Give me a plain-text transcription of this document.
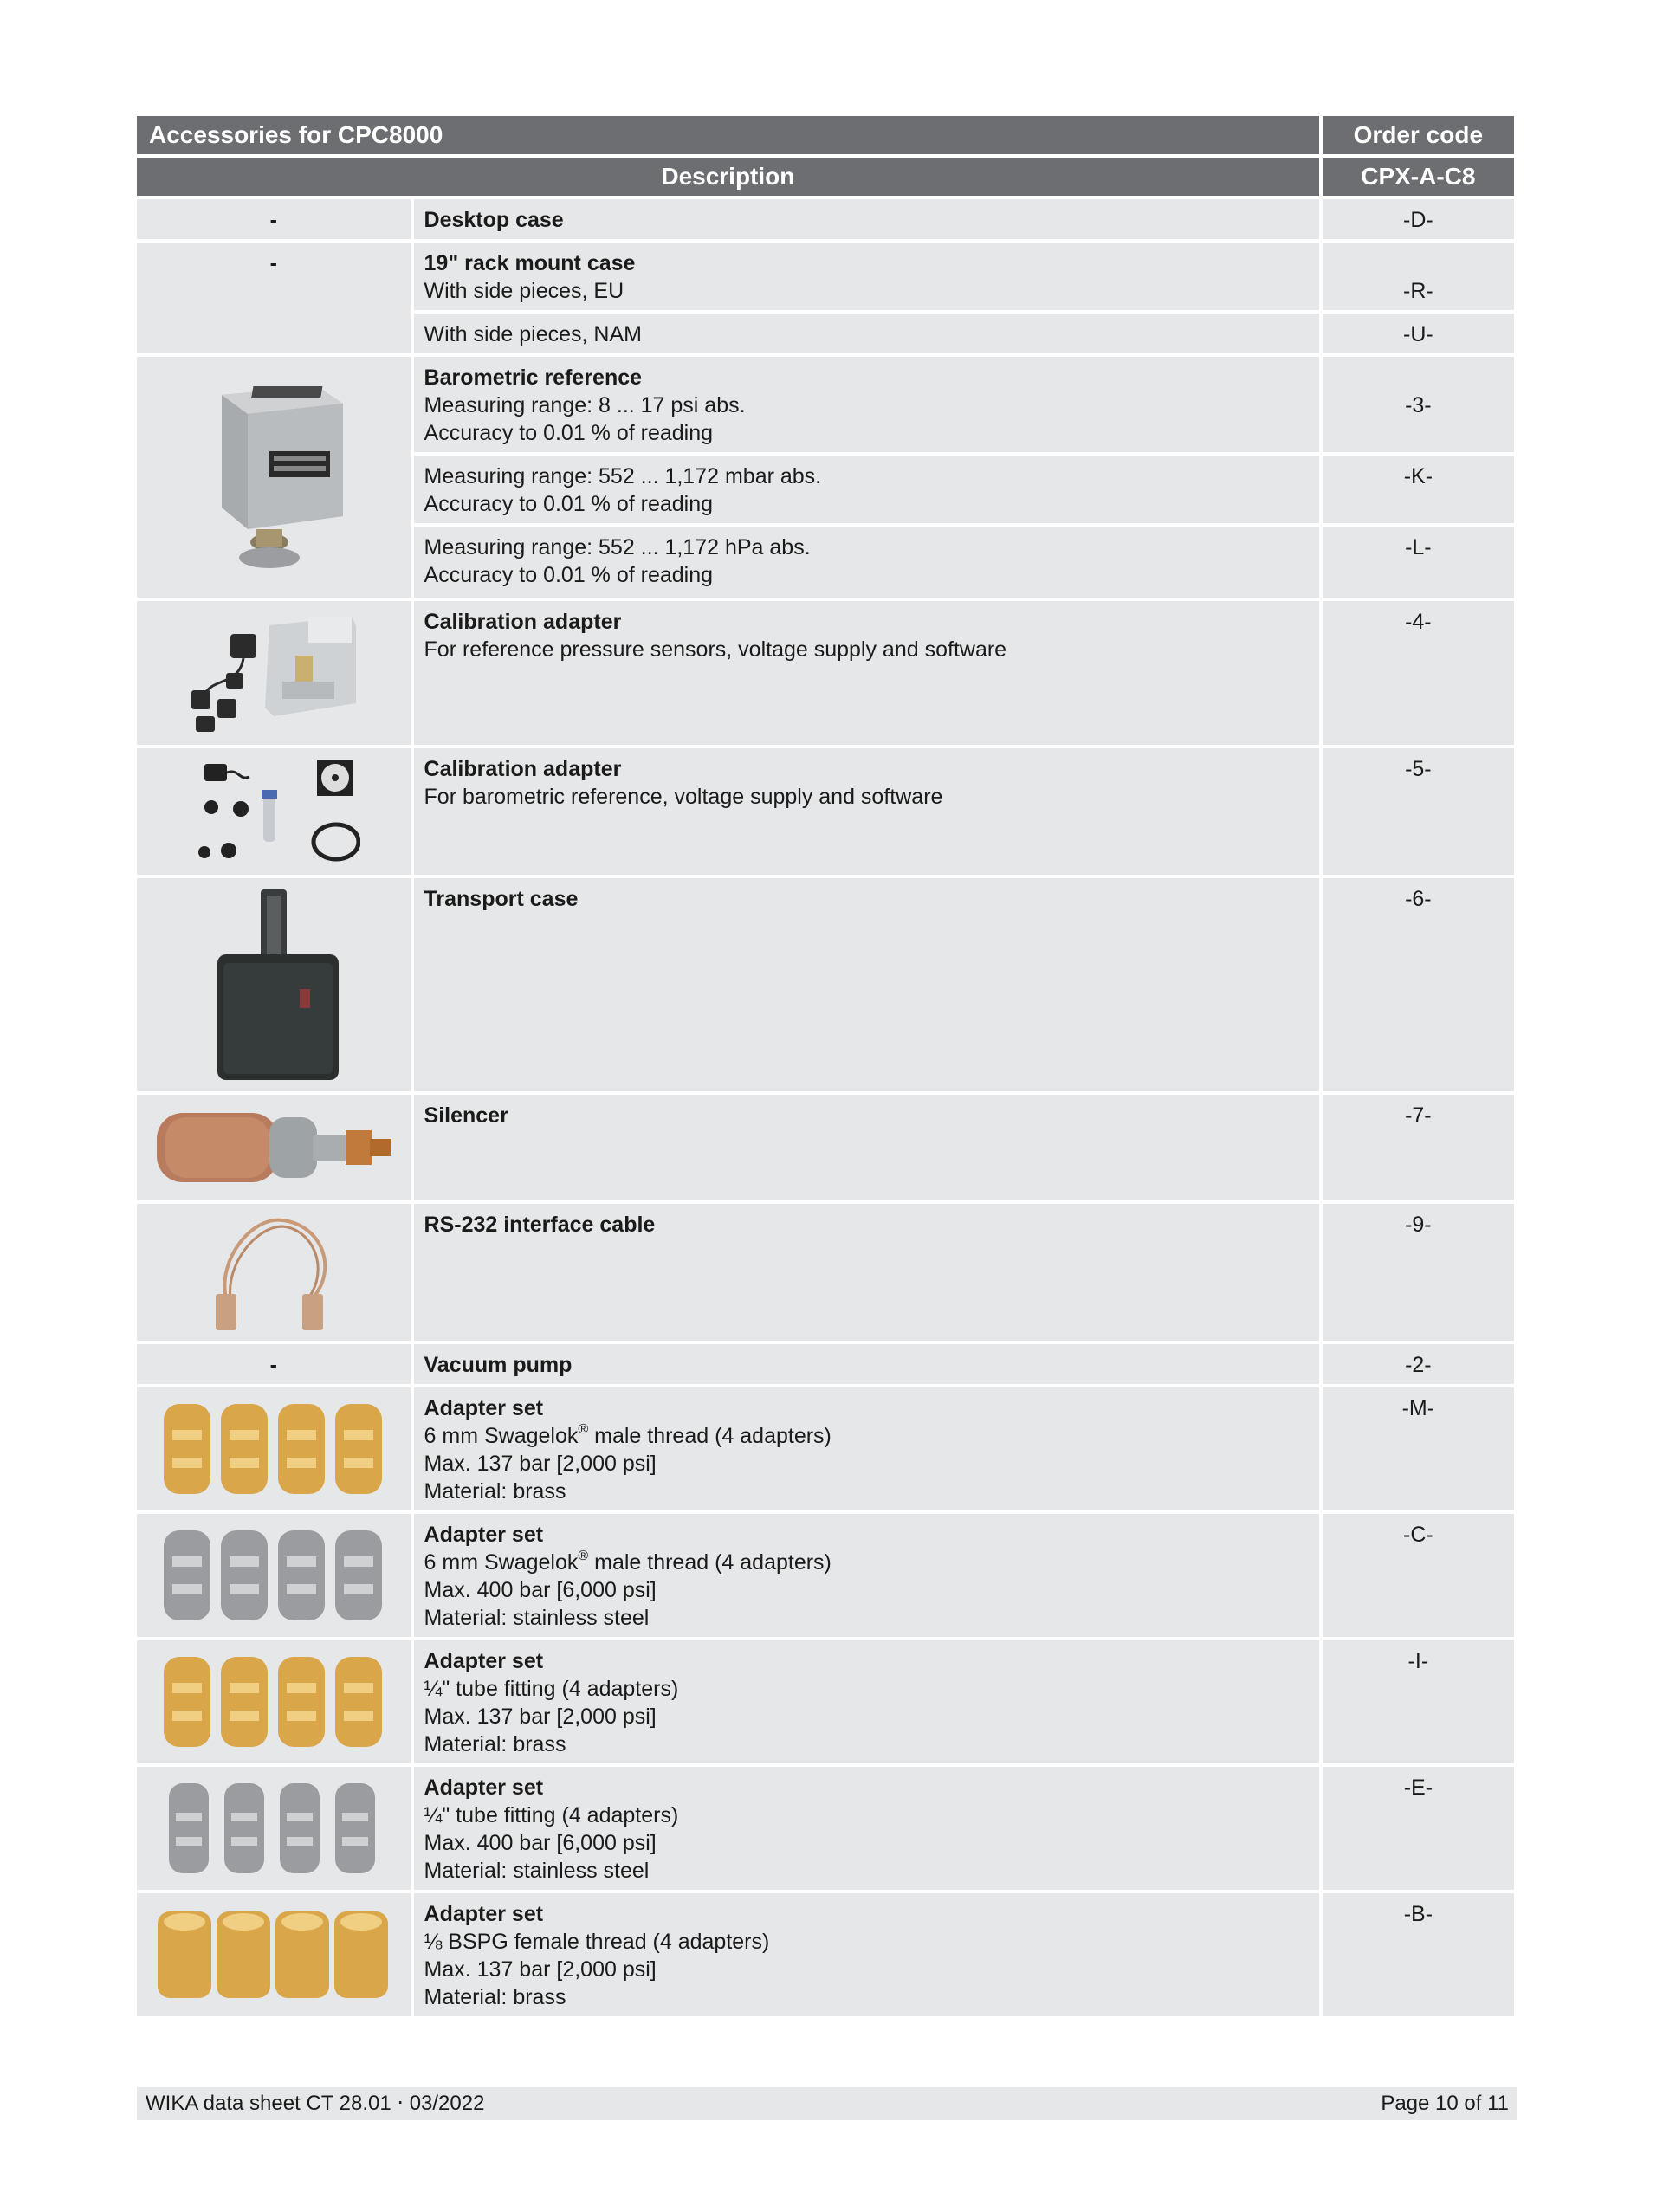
Accessories for CPC8000		Order code
Description		CPX-A-C8
-	Desktop case	-D-
-	19" rack mount case
With side pieces, EU	-R-

	With side pieces, NAM	-U-

Barometric reference
Measuring range: 8 ... 17 psi abs.
Accuracy to 0.01 % of reading	-3-

	Measuring range: 552 ... 1,172 mbar abs.
Accuracy to 0.01 % of reading	-K-

	Measuring range: 552 ... 1,172 hPa abs.
Accuracy to 0.01 % of reading	-L-

Calibration adapter
For reference pressure sensors, voltage supply and software	-4-

Calibration adapter
For barometric reference, voltage supply and software	-5-

Transport case	-6-

Silencer	-7-

RS-232 interface cable	-9-
-	Vacuum pump	-2-

Adapter set
6 mm Swagelok® male thread (4 adapters)
Max. 137 bar [2,000 psi]
Material: brass	-M-

Adapter set
6 mm Swagelok® male thread (4 adapters)
Max. 400 bar [6,000 psi]
Material: stainless steel	-C-

Adapter set
¼" tube fitting (4 adapters)
Max. 137 bar [2,000 psi]
Material: brass	-I-

Adapter set
¼" tube fitting (4 adapters)
Max. 400 bar [6,000 psi]
Material: stainless steel	-E-

Adapter set
⅛ BSPG female thread (4 adapters)
Max. 137 bar [2,000 psi]
Material: brass	-B-
WIKA data sheet CT 28.01 ⋅ 03/2022	Page 10 of 11
